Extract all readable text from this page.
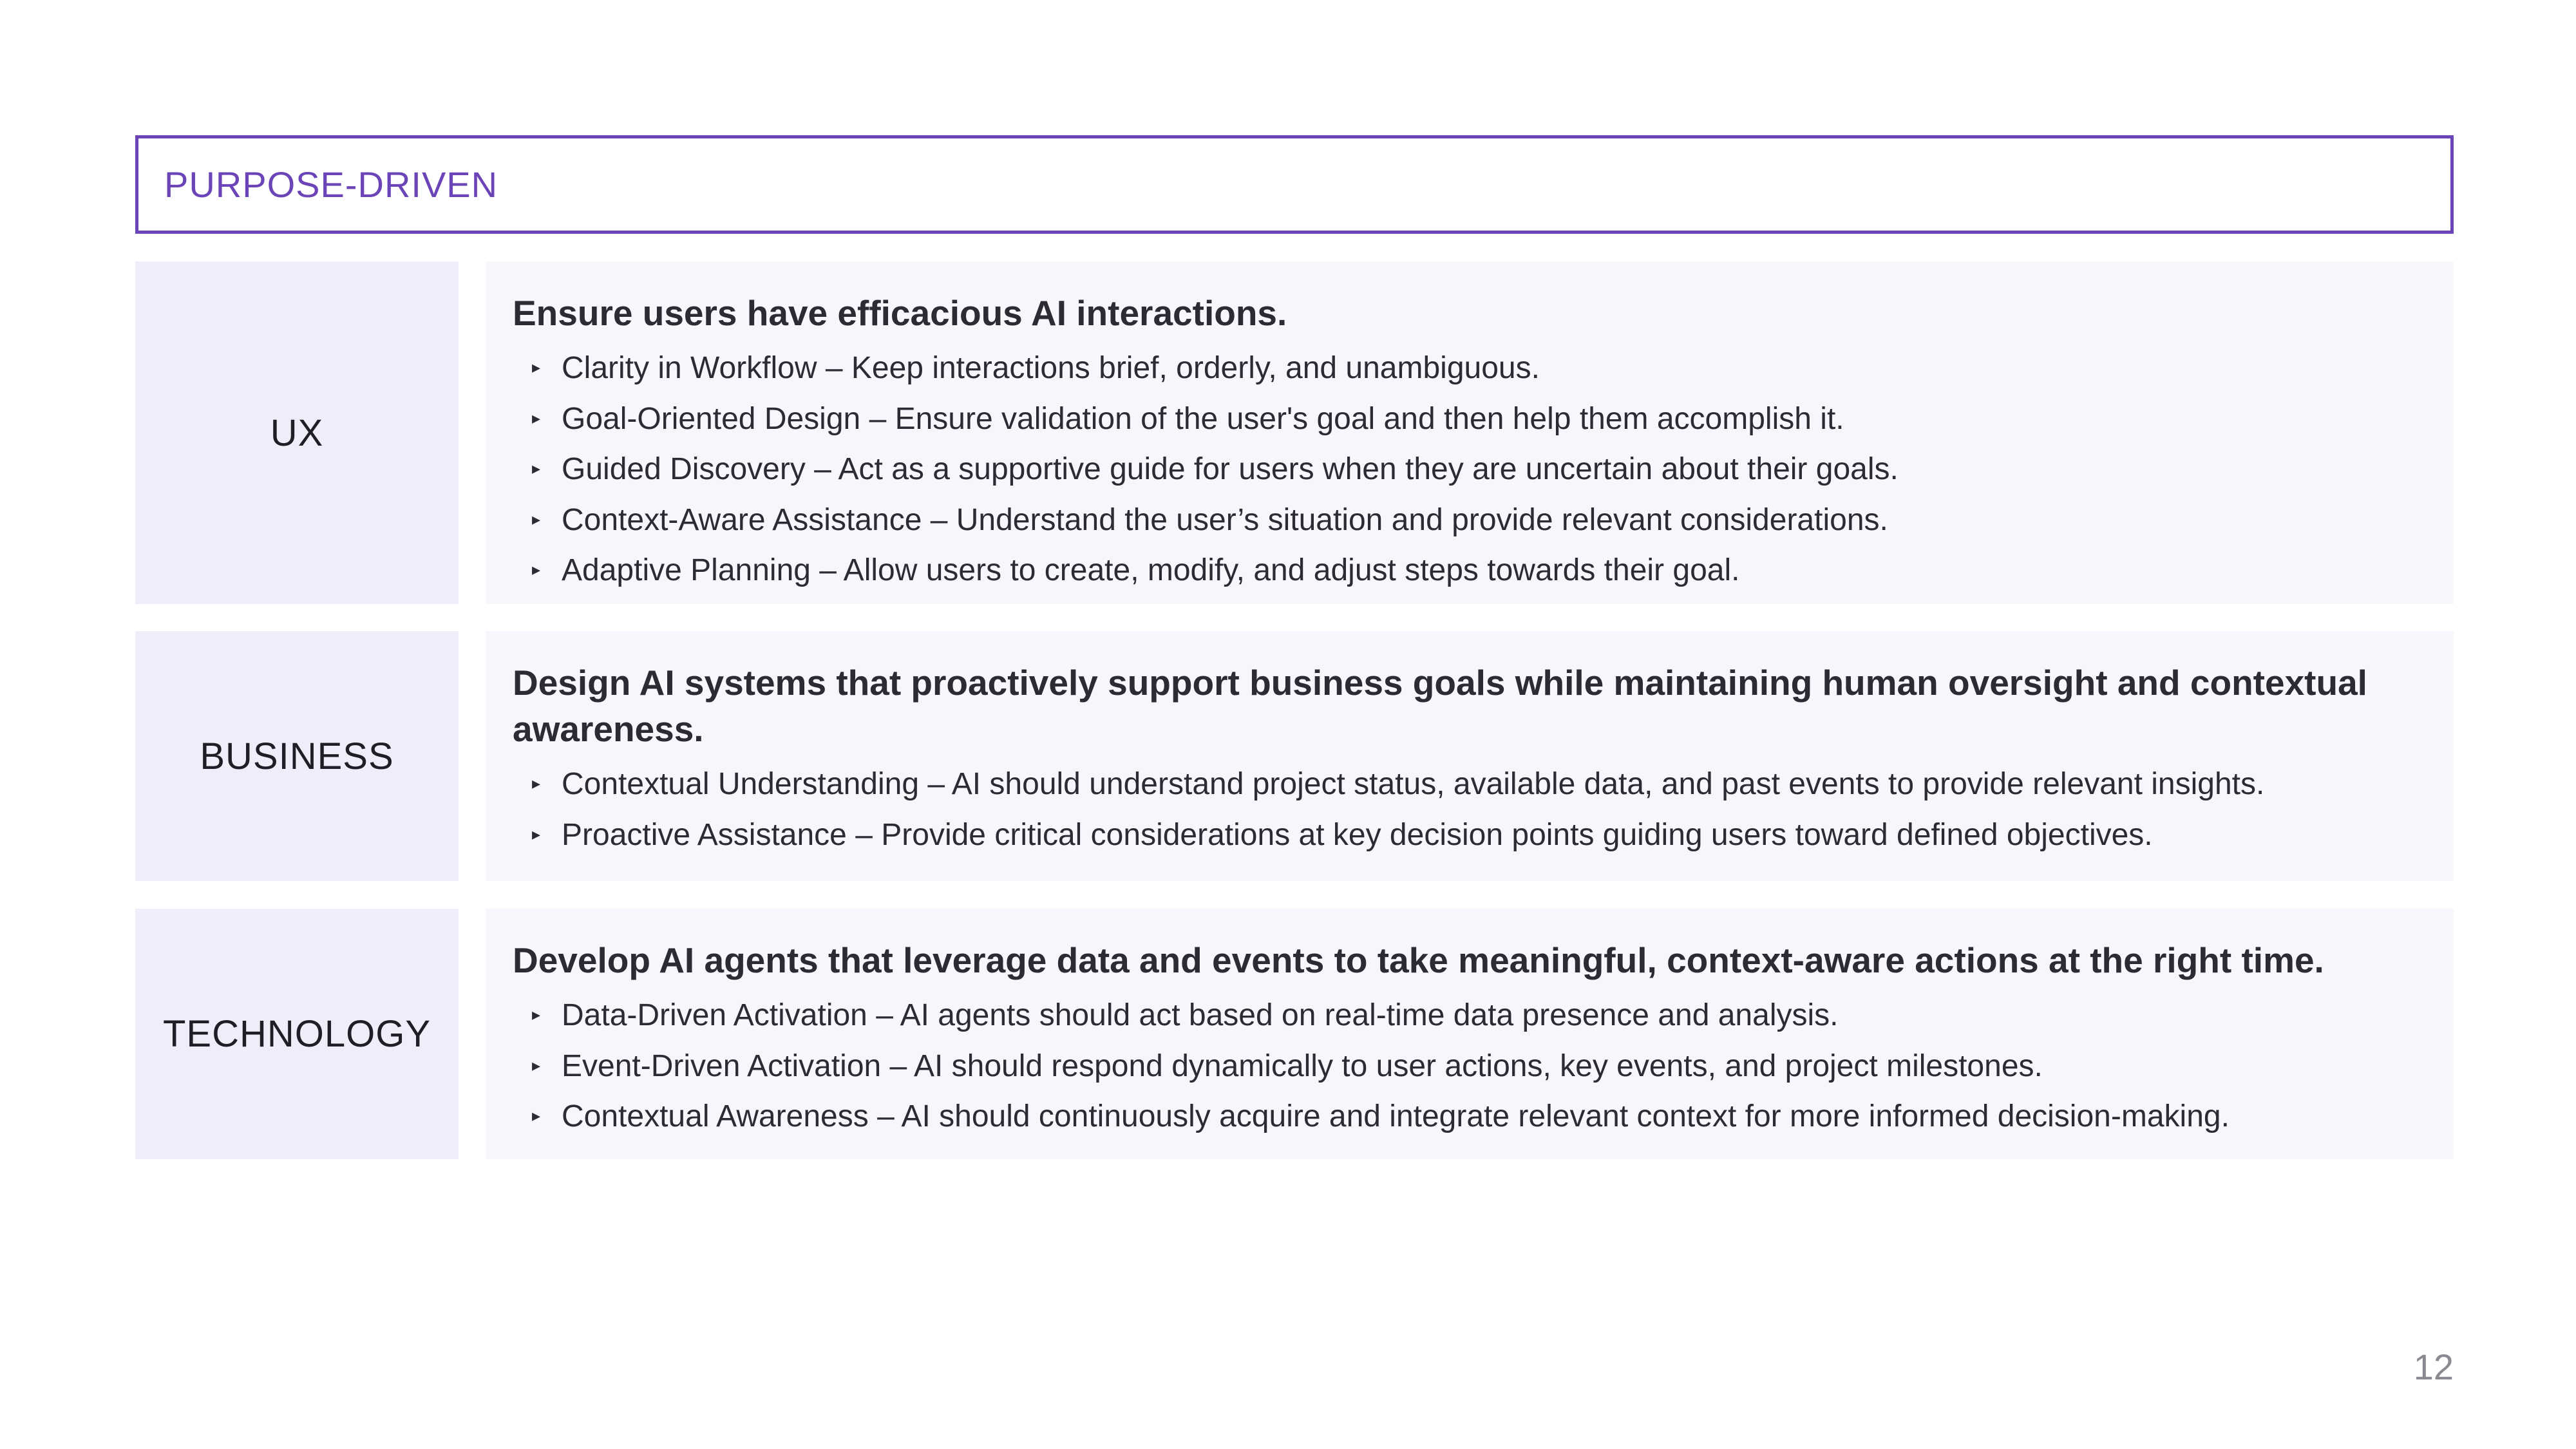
PURPOSE-DRIVEN
UX
Ensure users have efficacious AI interactions.
▸ Clarity in Workflow – Keep interactions brief, orderly, and unambiguous.
▸ Goal-Oriented Design – Ensure validation of the user's goal and then help them accomplish it.
▸ Guided Discovery – Act as a supportive guide for users when they are uncertain about their goals.
▸ Context-Aware Assistance – Understand the user’s situation and provide relevant considerations.
▸ Adaptive Planning – Allow users to create, modify, and adjust steps towards their goal.
BUSINESS
Design AI systems that proactively support business goals while maintaining human oversight and contextual awareness.
▸ Contextual Understanding – AI should understand project status, available data, and past events to provide relevant insights.
▸ Proactive Assistance – Provide critical considerations at key decision points guiding users toward defined objectives.
TECHNOLOGY
Develop AI agents that leverage data and events to take meaningful, context-aware actions at the right time.
▸ Data-Driven Activation – AI agents should act based on real-time data presence and analysis.
▸ Event-Driven Activation – AI should respond dynamically to user actions, key events, and project milestones.
▸ Contextual Awareness – AI should continuously acquire and integrate relevant context for more informed decision-making.
12
